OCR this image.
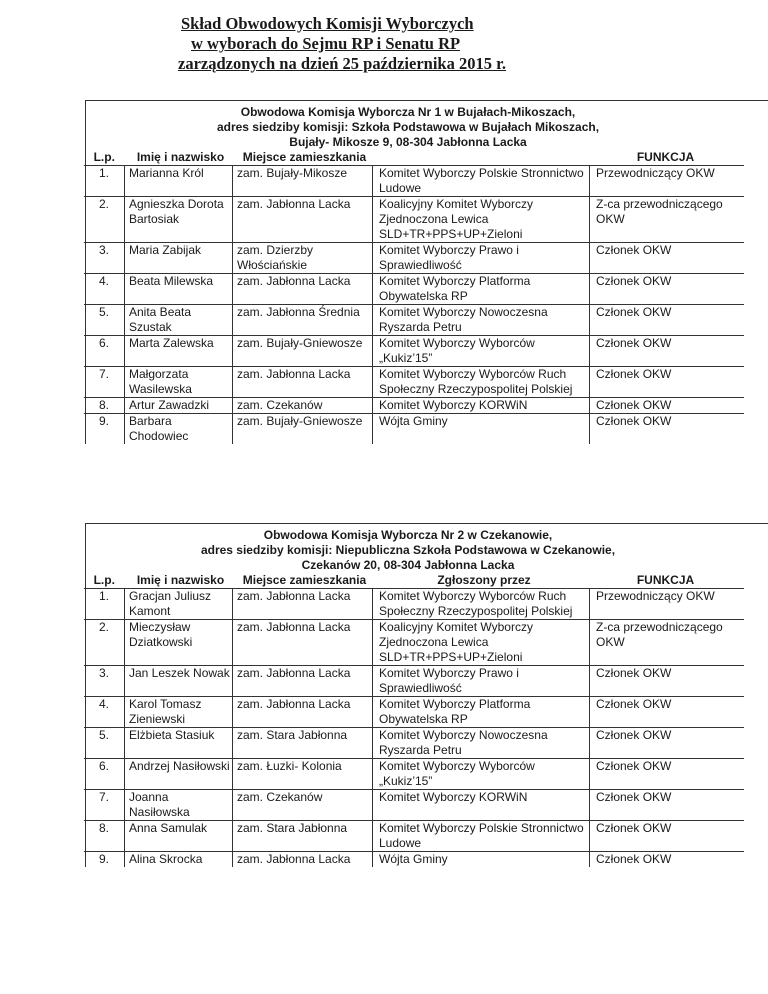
Skład Obwodowych Komisji Wyborczych
w wyborach do Sejmu RP i Senatu RP
zarządzonych na dzień 25 października 2015 r.
Obwodowa Komisja Wyborcza Nr 1 w Bujałach-Mikoszach,
adres siedziby komisji: Szkoła Podstawowa w Bujałach Mikoszach,
Bujały- Mikosze 9, 08-304 Jabłonna Lacka
L.p.	Imię i nazwisko	Miejsce zamieszkania		FUNKCJA
1.	Marianna Król	zam. Bujały-Mikosze	Komitet Wyborczy Polskie Stronnictwo Ludowe	Przewodniczący OKW
2.	Agnieszka Dorota Bartosiak	zam. Jabłonna Lacka	Koalicyjny Komitet Wyborczy Zjednoczona Lewica SLD+TR+PPS+UP+Zieloni	Z-ca przewodniczącego OKW
3.	Maria Zabijak	zam. Dzierzby Włościańskie	Komitet Wyborczy Prawo i Sprawiedliwość	Członek OKW
4.	Beata Milewska	zam. Jabłonna Lacka	Komitet Wyborczy Platforma Obywatelska RP	Członek OKW
5.	Anita Beata Szustak	zam. Jabłonna Średnia	Komitet Wyborczy Nowoczesna Ryszarda Petru	Członek OKW
6.	Marta Zalewska	zam. Bujały-Gniewosze	Komitet Wyborczy Wyborców „Kukiz’15”	Członek OKW
7.	Małgorzata Wasilewska	zam. Jabłonna Lacka	Komitet Wyborczy Wyborców Ruch Społeczny Rzeczypospolitej Polskiej	Członek OKW
8.	Artur Zawadzki	zam. Czekanów	Komitet Wyborczy KORWiN	Członek OKW
9.	Barbara Chodowiec	zam. Bujały-Gniewosze	Wójta Gminy	Członek OKW
Obwodowa Komisja Wyborcza Nr 2 w Czekanowie,
adres siedziby komisji: Niepubliczna Szkoła Podstawowa w Czekanowie,
Czekanów 20, 08-304 Jabłonna Lacka
L.p.	Imię i nazwisko	Miejsce zamieszkania	Zgłoszony przez	FUNKCJA
1.	Gracjan Juliusz Kamont	zam. Jabłonna Lacka	Komitet Wyborczy Wyborców Ruch Społeczny Rzeczypospolitej Polskiej	Przewodniczący OKW
2.	Mieczysław Dziatkowski	zam. Jabłonna Lacka	Koalicyjny Komitet Wyborczy Zjednoczona Lewica SLD+TR+PPS+UP+Zieloni	Z-ca przewodniczącego OKW
3.	Jan Leszek Nowak	zam. Jabłonna Lacka	Komitet Wyborczy Prawo i Sprawiedliwość	Członek OKW
4.	Karol Tomasz Zieniewski	zam. Jabłonna Lacka	Komitet Wyborczy Platforma Obywatelska RP	Członek OKW
5.	Elżbieta Stasiuk	zam. Stara Jabłonna	Komitet Wyborczy Nowoczesna Ryszarda Petru	Członek OKW
6.	Andrzej Nasiłowski	zam. Łuzki- Kolonia	Komitet Wyborczy Wyborców „Kukiz’15”	Członek OKW
7.	Joanna Nasiłowska	zam. Czekanów	Komitet Wyborczy KORWiN	Członek OKW
8.	Anna Samulak	zam. Stara Jabłonna	Komitet Wyborczy Polskie Stronnictwo Ludowe	Członek OKW
9.	Alina Skrocka	zam. Jabłonna Lacka	Wójta Gminy	Członek OKW
